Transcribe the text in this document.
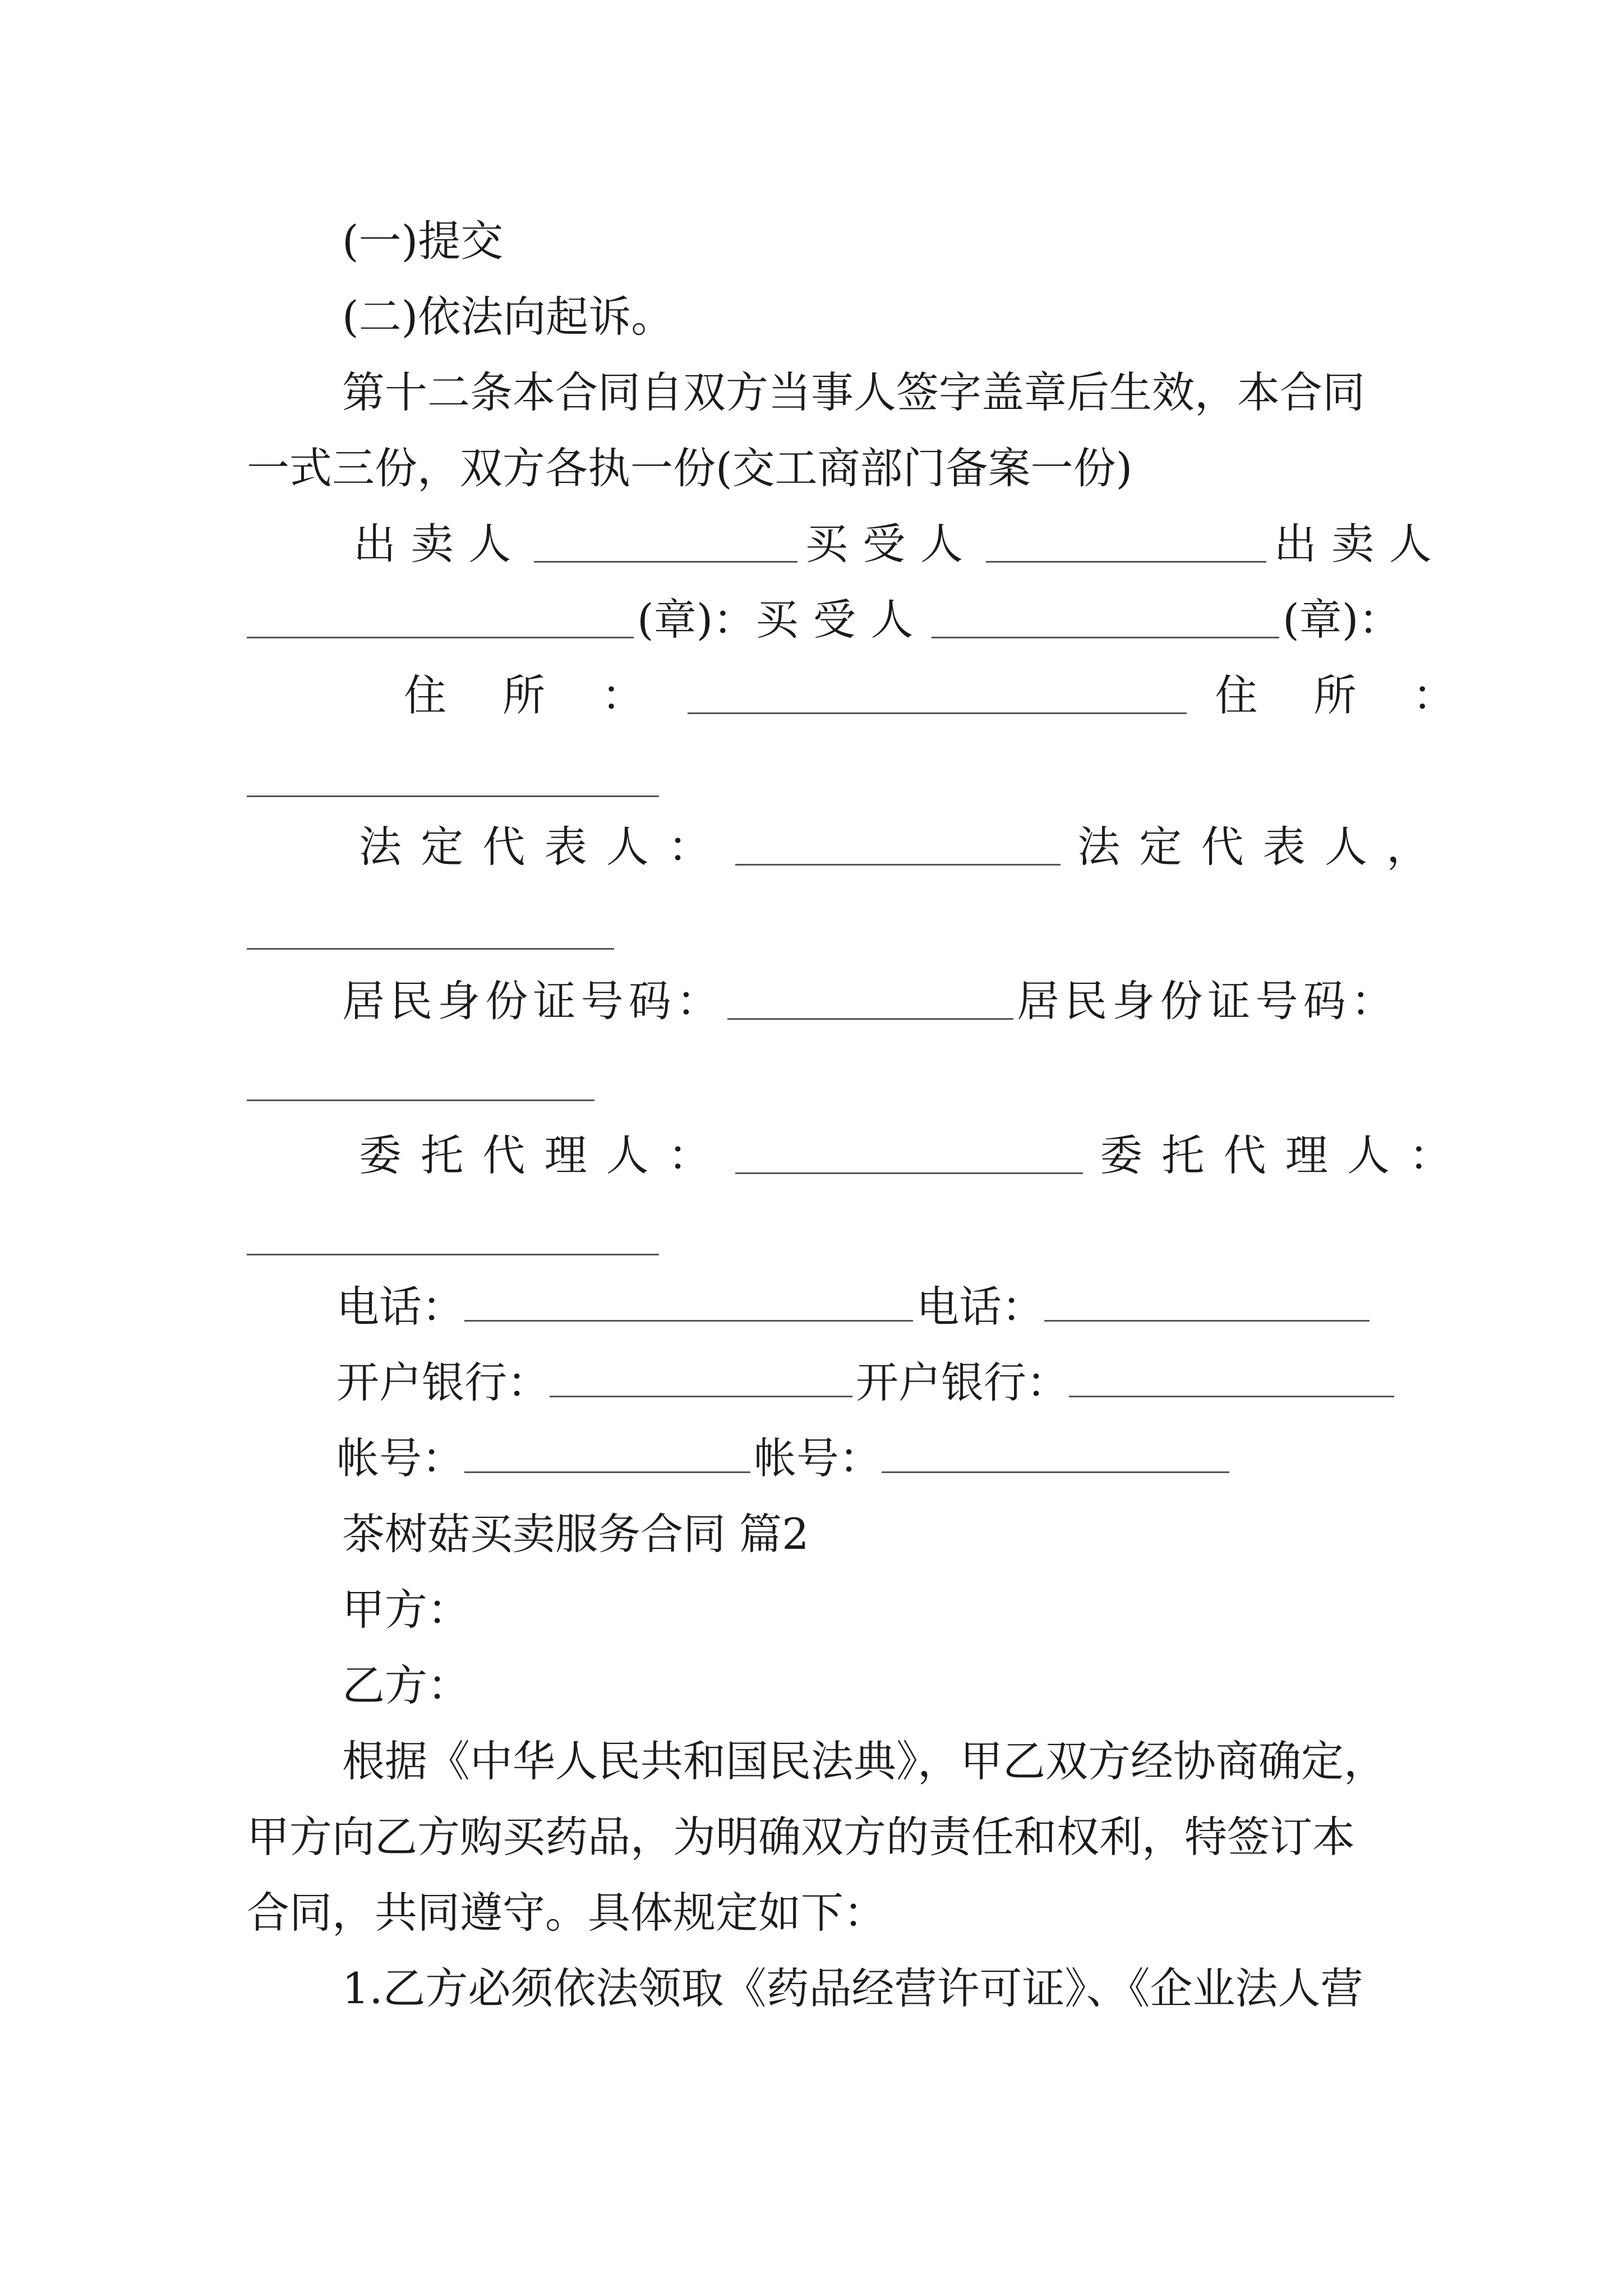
(一)提交
(二)依法向起诉。
第十二条本合同自双方当事人签字盖章后生效，本合同
一式三份，双方各执一份(交工商部门备案一份)
出卖人	买受人	出卖人
(章)： 买受人	(章)：
住 所 ：	住 所 ：
法定代表人：	法定代表人，
居民身份证号码：	居民身份证号码：
委托代理人：	委托代理人：
电话：	电话：
开户银行：	开户银行：
帐号：	帐号：
茶树菇买卖服务合同 篇2
甲方：
乙方：
根据《中华人民共和国民法典》，甲乙双方经协商确定，
甲方向乙方购买药品，为明确双方的责任和权利，特签订本
合同，共同遵守。具体规定如下：
1.乙方必须依法领取《药品经营许可证》、《企业法人营
